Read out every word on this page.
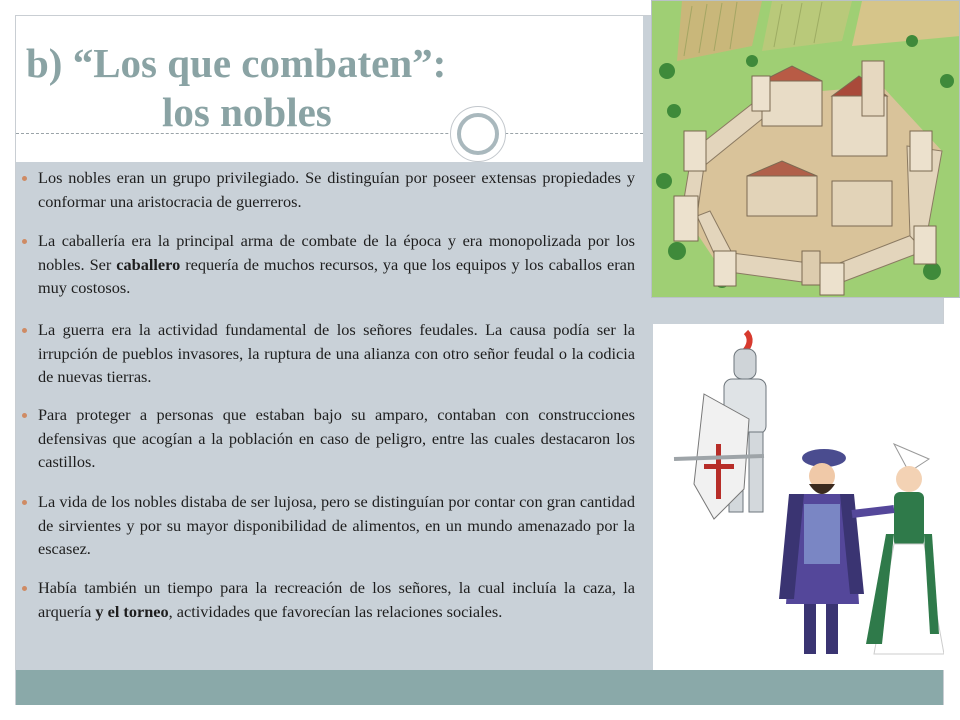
b) “Los que combaten”:
los nobles

Los nobles eran un grupo privilegiado. Se distinguían por poseer extensas propiedades y conformar una aristocracia de guerreros.

La caballería era la principal arma de combate de la época y era monopolizada por los nobles. Ser caballero requería de muchos recursos, ya que los equipos y los caballos eran muy costosos.

La guerra era la actividad fundamental de los señores feudales. La causa podía ser la irrupción de pueblos invasores, la ruptura de una alianza con otro señor feudal o la codicia de nuevas tierras.

Para proteger a personas que estaban bajo su amparo, contaban con construcciones defensivas que acogían a la población en caso de peligro, entre las cuales destacaron los castillos.

La vida de los nobles distaba de ser lujosa, pero se distinguían por contar con gran cantidad de sirvientes y por su mayor disponibilidad de alimentos, en un mundo amenazado por la escasez.

Había también un tiempo para la recreación de los señores, la cual incluía la caza, la arquería y el torneo, actividades que favorecían las relaciones sociales.
